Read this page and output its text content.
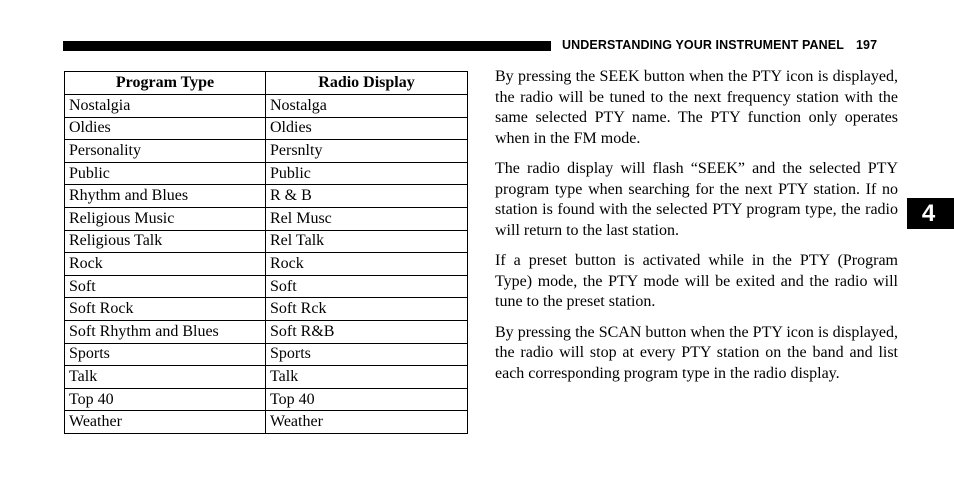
UNDERSTANDING YOUR INSTRUMENT PANEL 197
4
Program Type	Radio Display
Nostalgia	Nostalga
Oldies	Oldies
Personality	Persnlty
Public	Public
Rhythm and Blues	R & B
Religious Music	Rel Musc
Religious Talk	Rel Talk
Rock	Rock
Soft	Soft
Soft Rock	Soft Rck
Soft Rhythm and Blues	Soft R&B
Sports	Sports
Talk	Talk
Top 40	Top 40
Weather	Weather

By pressing the SEEK button when the PTY icon is displayed, the radio will be tuned to the next frequency station with the same selected PTY name. The PTY function only operates when in the FM mode.

The radio display will flash “SEEK” and the selected PTY program type when searching for the next PTY station. If no station is found with the selected PTY program type, the radio will return to the last station.

If a preset button is activated while in the PTY (Program Type) mode, the PTY mode will be exited and the radio will tune to the preset station.

By pressing the SCAN button when the PTY icon is displayed, the radio will stop at every PTY station on the band and list each corresponding program type in the radio display.
